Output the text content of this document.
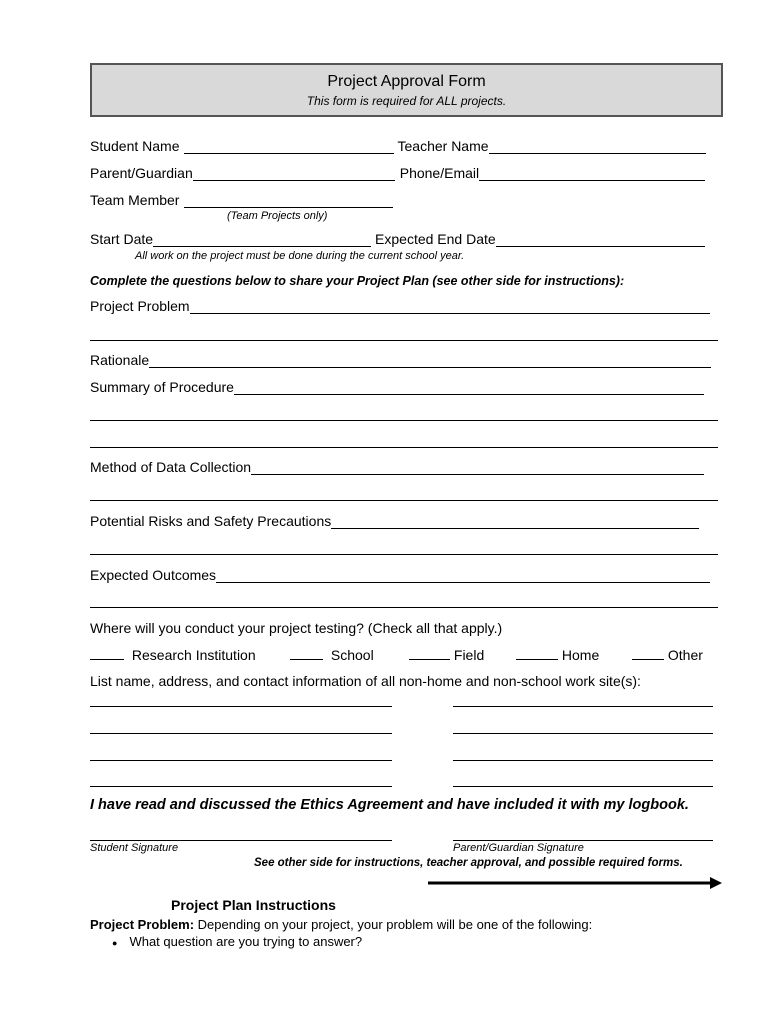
Project Approval Form
This form is required for ALL projects.
Student Name	Teacher Name
Parent/Guardian	Phone/Email
Team Member
(Team Projects only)
Start Date	Expected End Date
All work on the project must be done during the current school year.
Complete the questions below to share your Project Plan (see other side for instructions):
Project Problem
Rationale
Summary of Procedure
Method of Data Collection
Potential Risks and Safety Precautions
Expected Outcomes
Where will you conduct your project testing? (Check all that apply.)
Research Institution	School	Field	Home	Other
List name, address, and contact information of all non-home and non-school work site(s):
I have read and discussed the Ethics Agreement and have included it with my logbook.
Student Signature	Parent/Guardian Signature
See other side for instructions, teacher approval, and possible required forms.
Project Plan Instructions
Project Problem: Depending on your project, your problem will be one of the following:
● What question are you trying to answer?
